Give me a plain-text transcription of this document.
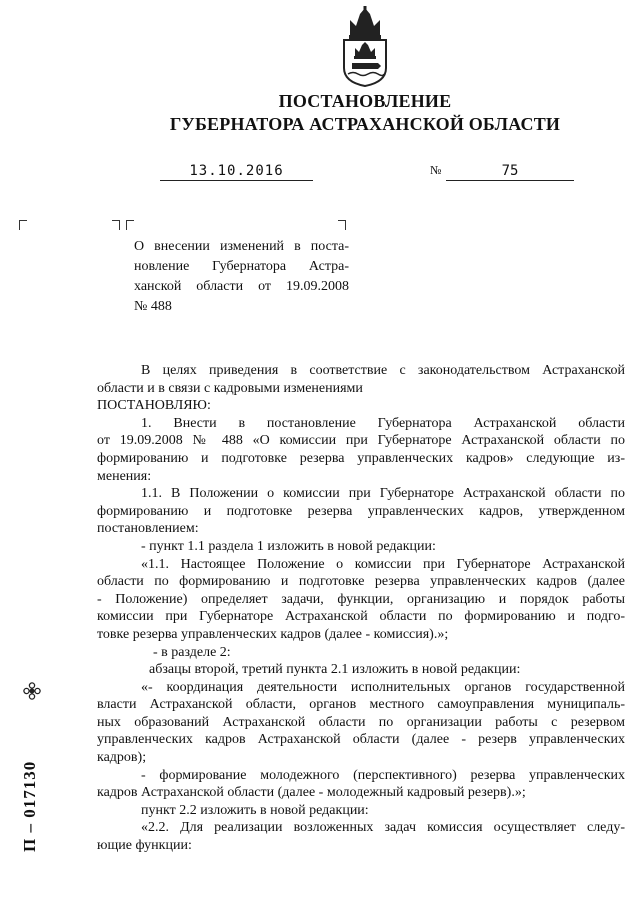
ПОСТАНОВЛЕНИЕ
ГУБЕРНАТОРА АСТРАХАНСКОЙ ОБЛАСТИ
13.10.2016	№	75
О внесении изменений в поста-
новление Губернатора Астра-
ханской области от 19.09.2008
№ 488
В целях приведения в соответствие с законодательством Астраханской
области и в связи с кадровыми изменениями
ПОСТАНОВЛЯЮ:
1. Внести в постановление Губернатора Астраханской области
от 19.09.2008 № 488 «О комиссии при Губернаторе Астраханской области по
формированию и подготовке резерва управленческих кадров» следующие из-
менения:
1.1. В Положении о комиссии при Губернаторе Астраханской области по
формированию и подготовке резерва управленческих кадров, утвержденном
постановлением:
- пункт 1.1 раздела 1 изложить в новой редакции:
«1.1. Настоящее Положение о комиссии при Губернаторе Астраханской
области по формированию и подготовке резерва управленческих кадров (далее
- Положение) определяет задачи, функции, организацию и порядок работы
комиссии при Губернаторе Астраханской области по формированию и подго-
товке резерва управленческих кадров (далее - комиссия).»;
- в разделе 2:
абзацы второй, третий пункта 2.1 изложить в новой редакции:
«- координация деятельности исполнительных органов государственной
власти Астраханской области, органов местного самоуправления муниципаль-
ных образований Астраханской области по организации работы с резервом
управленческих кадров Астраханской области (далее - резерв управленческих
кадров);
- формирование молодежного (перспективного) резерва управленческих
кадров Астраханской области (далее - молодежный кадровый резерв).»;
пункт 2.2 изложить в новой редакции:
«2.2. Для реализации возложенных задач комиссия осуществляет следу-
ющие функции:
П – 017130
